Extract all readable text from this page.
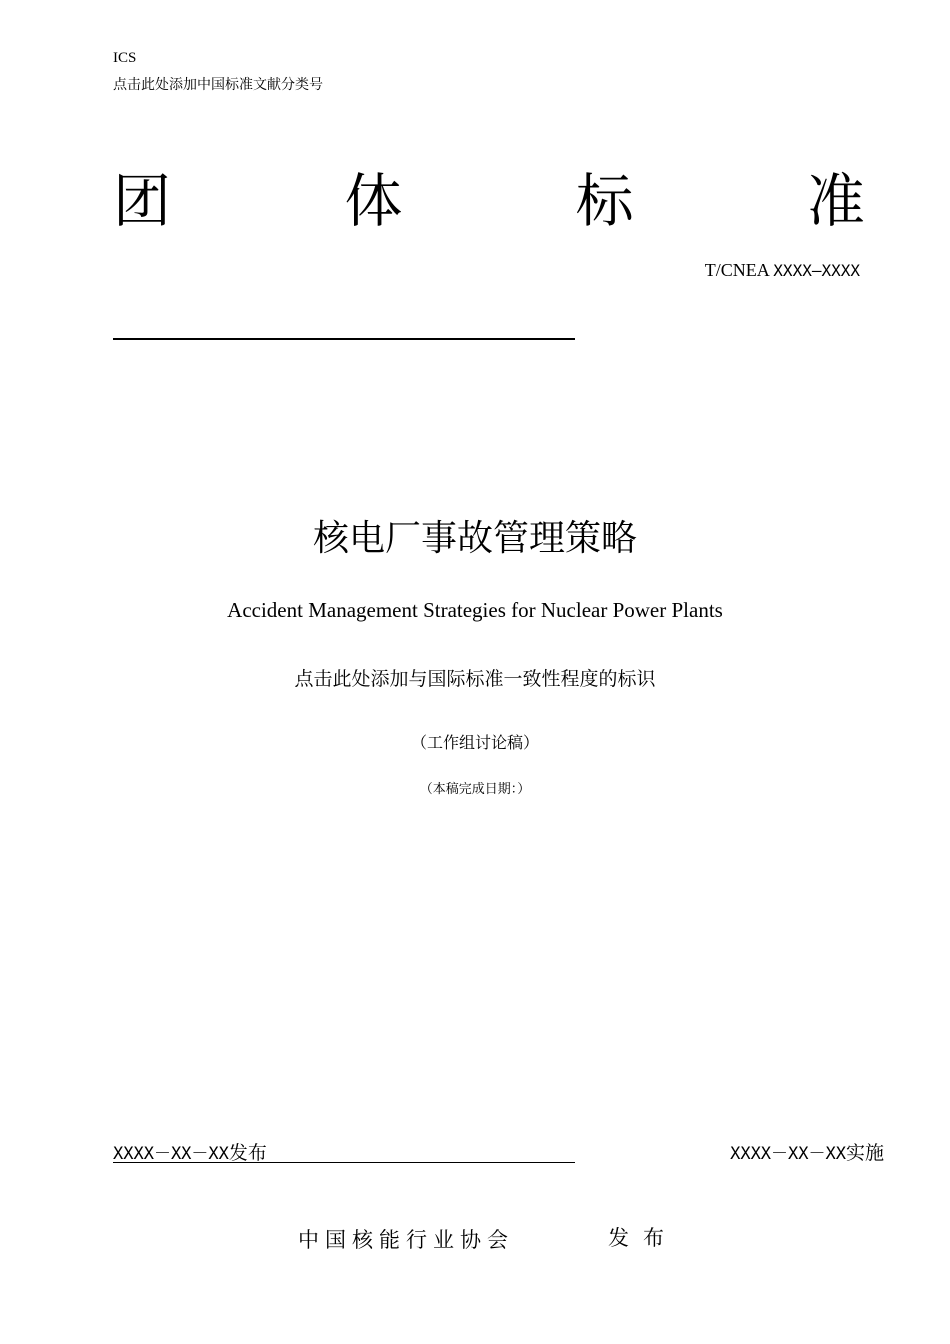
ICS
点击此处添加中国标准文献分类号
团	体	标	准
T/CNEA XXXX—XXXX
核电厂事故管理策略
Accident Management Strategies for Nuclear Power Plants
点击此处添加与国际标准一致性程度的标识
（工作组讨论稿）
（本稿完成日期：）
XXXX－XX－XX发布	XXXX－XX－XX实施
中国核能行业协会	发布
